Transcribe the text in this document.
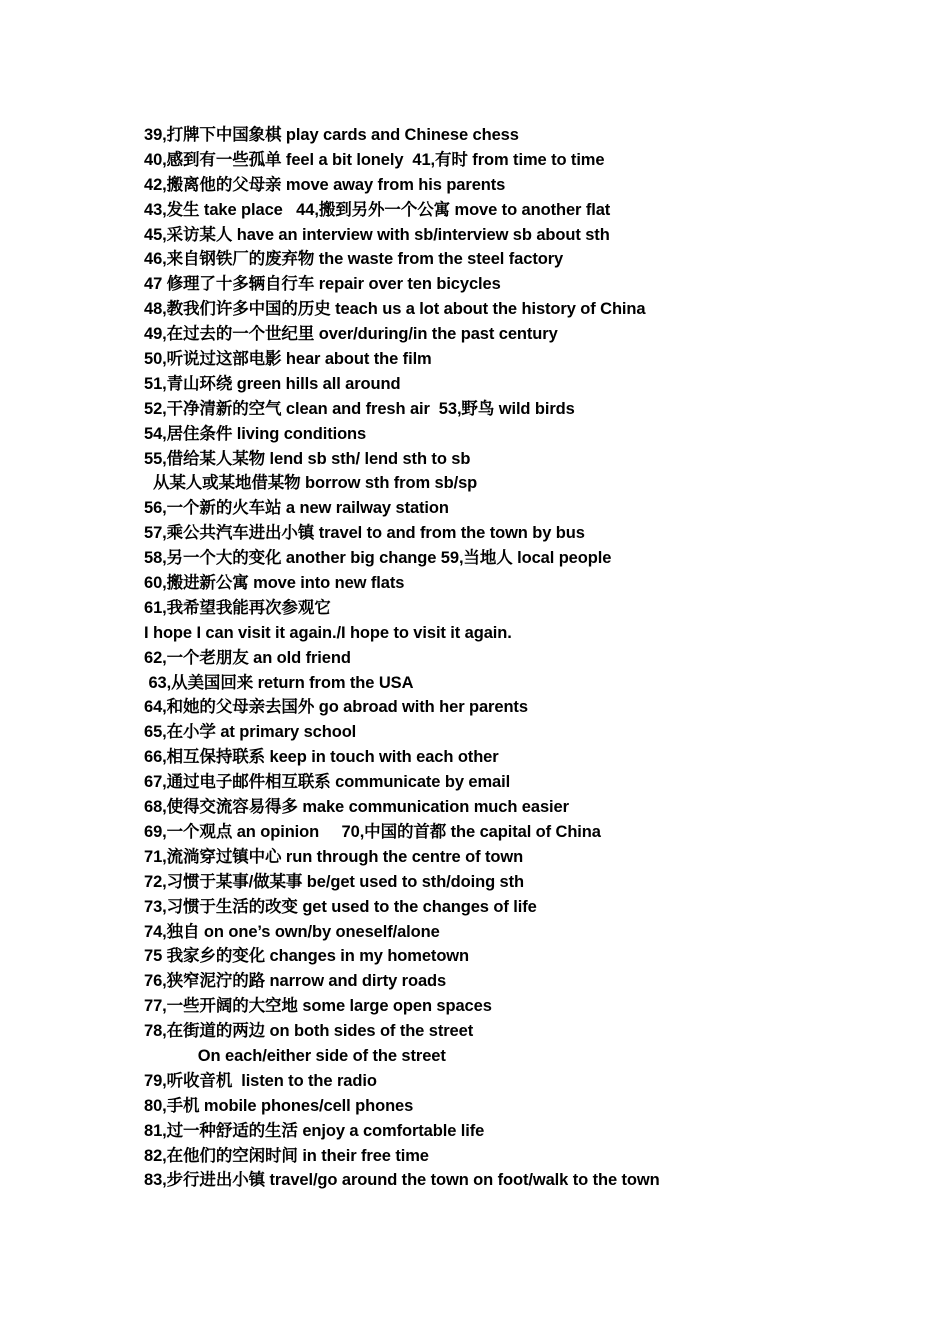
39,打牌下中国象棋 play cards and Chinese chess
40,感到有一些孤单 feel a bit lonely  41,有时 from time to time
42,搬离他的父母亲 move away from his parents
43,发生 take place   44,搬到另外一个公寓 move to another flat
45,采访某人 have an interview with sb/interview sb about sth
46,来自钢铁厂的废弃物 the waste from the steel factory
47 修理了十多辆自行车 repair over ten bicycles
48,教我们许多中国的历史 teach us a lot about the history of China
49,在过去的一个世纪里 over/during/in the past century
50,听说过这部电影 hear about the film
51,青山环绕 green hills all around
52,干净清新的空气 clean and fresh air  53,野鸟 wild birds
54,居住条件 living conditions
55,借给某人某物 lend sb sth/ lend sth to sb
从某人或某地借某物 borrow sth from sb/sp
56,一个新的火车站 a new railway station
57,乘公共汽车进出小镇 travel to and from the town by bus
58,另一个大的变化 another big change 59,当地人 local people
60,搬进新公寓 move into new flats
61,我希望我能再次参观它
I hope I can visit it again./I hope to visit it again.
62,一个老朋友 an old friend
63,从美国回来 return from the USA
64,和她的父母亲去国外 go abroad with her parents
65,在小学 at primary school
66,相互保持联系 keep in touch with each other
67,通过电子邮件相互联系 communicate by email
68,使得交流容易得多 make communication much easier
69,一个观点 an opinion     70,中国的首都 the capital of China
71,流淌穿过镇中心 run through the centre of town
72,习惯于某事/做某事 be/get used to sth/doing sth
73,习惯于生活的改变 get used to the changes of life
74,独自 on one’s own/by oneself/alone
75 我家乡的变化 changes in my hometown
76,狭窄泥泞的路 narrow and dirty roads
77,一些开阔的大空地 some large open spaces
78,在街道的两边 on both sides of the street
On each/either side of the street
79,听收音机  listen to the radio
80,手机 mobile phones/cell phones
81,过一种舒适的生活 enjoy a comfortable life
82,在他们的空闲时间 in their free time
83,步行进出小镇 travel/go around the town on foot/walk to the town
